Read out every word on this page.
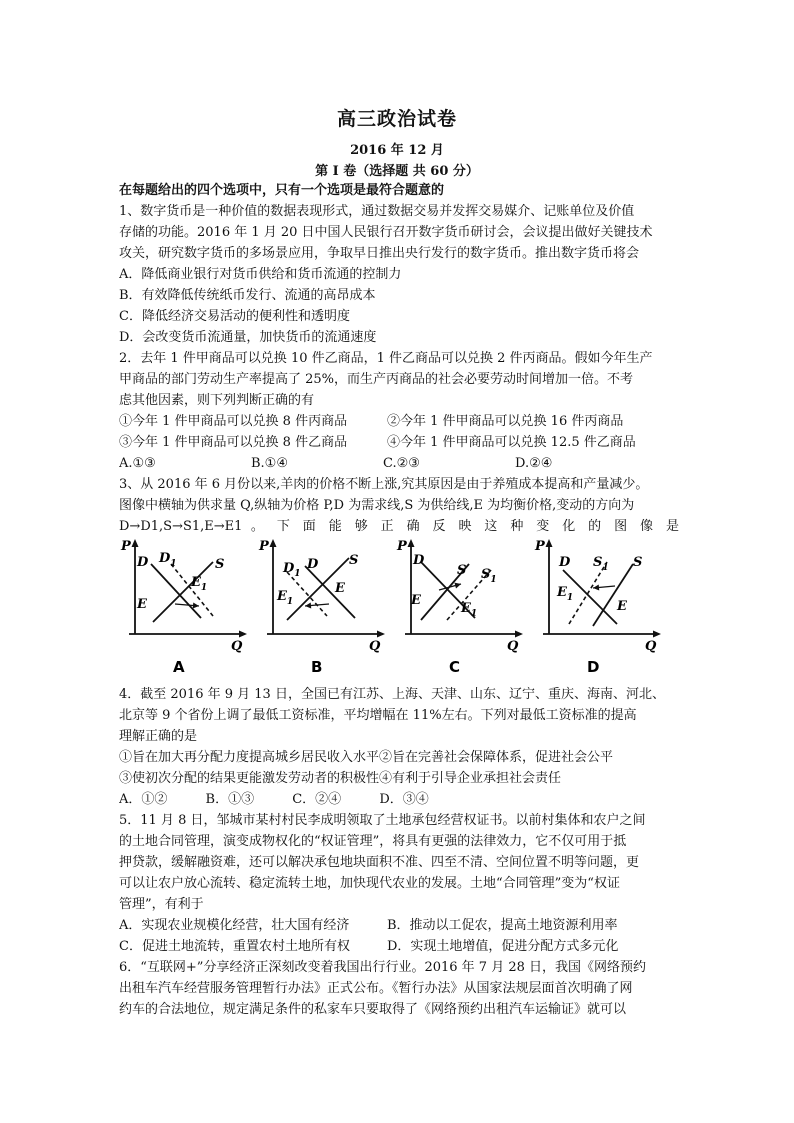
高三政治试卷
2016 年 12 月
第 I 卷（选择题 共 60 分）
在每题给出的四个选项中，只有一个选项是最符合题意的
1、数字货币是一种价值的数据表现形式，通过数据交易并发挥交易媒介、记账单位及价值
存储的功能。2016 年 1 月 20 日中国人民银行召开数字货币研讨会，会议提出做好关键技术
攻关，研究数字货币的多场景应用，争取早日推出央行发行的数字货币。推出数字货币将会
A．降低商业银行对货币供给和货币流通的控制力
B．有效降低传统纸币发行、流通的高昂成本
C．降低经济交易活动的便利性和透明度
D．会改变货币流通量，加快货币的流通速度
2．去年 1 件甲商品可以兑换 10 件乙商品，1 件乙商品可以兑换 2 件丙商品。假如今年生产
甲商品的部门劳动生产率提高了 25%，而生产丙商品的社会必要劳动时间增加一倍。不考
虑其他因素，则下列判断正确的有
①今年 1 件甲商品可以兑换 8 件丙商品	②今年 1 件甲商品可以兑换 16 件丙商品
③今年 1 件甲商品可以兑换 8 件乙商品	④今年 1 件甲商品可以兑换 12.5 件乙商品
A.①③	B.①④	C.②③	D.②④
3、从 2016 年 6 月份以来,羊肉的价格不断上涨,究其原因是由于养殖成本提高和产量减少。
图像中横轴为供求量 Q,纵轴为价格 P,D 为需求线,S 为供给线,E 为均衡价格,变动的方向为
D→D1,S→S1,E→E1 。 下 面 能 够 正 确 反 映 这 种 变 化 的 图 像 是
P
Q
D $D_1$	S
E
$E_1$
A
P
Q
$D_1$
D S
$E_1$
E
B
P
Q
D
S $S_1$
E
$E_1$
C
P
Q
D $S_1$ S
$E_1$
E
D
4．截至 2016 年 9 月 13 日，全国已有江苏、上海、天津、山东、辽宁、重庆、海南、河北、
北京等 9 个省份上调了最低工资标准，平均增幅在 11%左右。下列对最低工资标准的提高
理解正确的是
①旨在加大再分配力度提高城乡居民收入水平②旨在完善社会保障体系，促进社会公平
③使初次分配的结果更能激发劳动者的积极性④有利于引导企业承担社会责任
A．①②	B．①③	C．②④	D．③④
5．11 月 8 日，邹城市某村村民李成明领取了土地承包经营权证书。以前村集体和农户之间
的土地合同管理，演变成物权化的“权证管理”，将具有更强的法律效力，它不仅可用于抵
押贷款，缓解融资难，还可以解决承包地块面积不准、四至不清、空间位置不明等问题，更
可以让农户放心流转、稳定流转土地，加快现代农业的发展。土地“合同管理”变为“权证
管理”，有利于
A．实现农业规模化经营，壮大国有经济	B．推动以工促农，提高土地资源利用率
C．促进土地流转，重置农村土地所有权	D．实现土地增值，促进分配方式多元化
6．“互联网+”分享经济正深刻改变着我国出行行业。2016 年 7 月 28 日，我国《网络预约
出租车汽车经营服务管理暂行办法》正式公布。《暂行办法》从国家法规层面首次明确了网
约车的合法地位，规定满足条件的私家车只要取得了《网络预约出租汽车运输证》就可以
